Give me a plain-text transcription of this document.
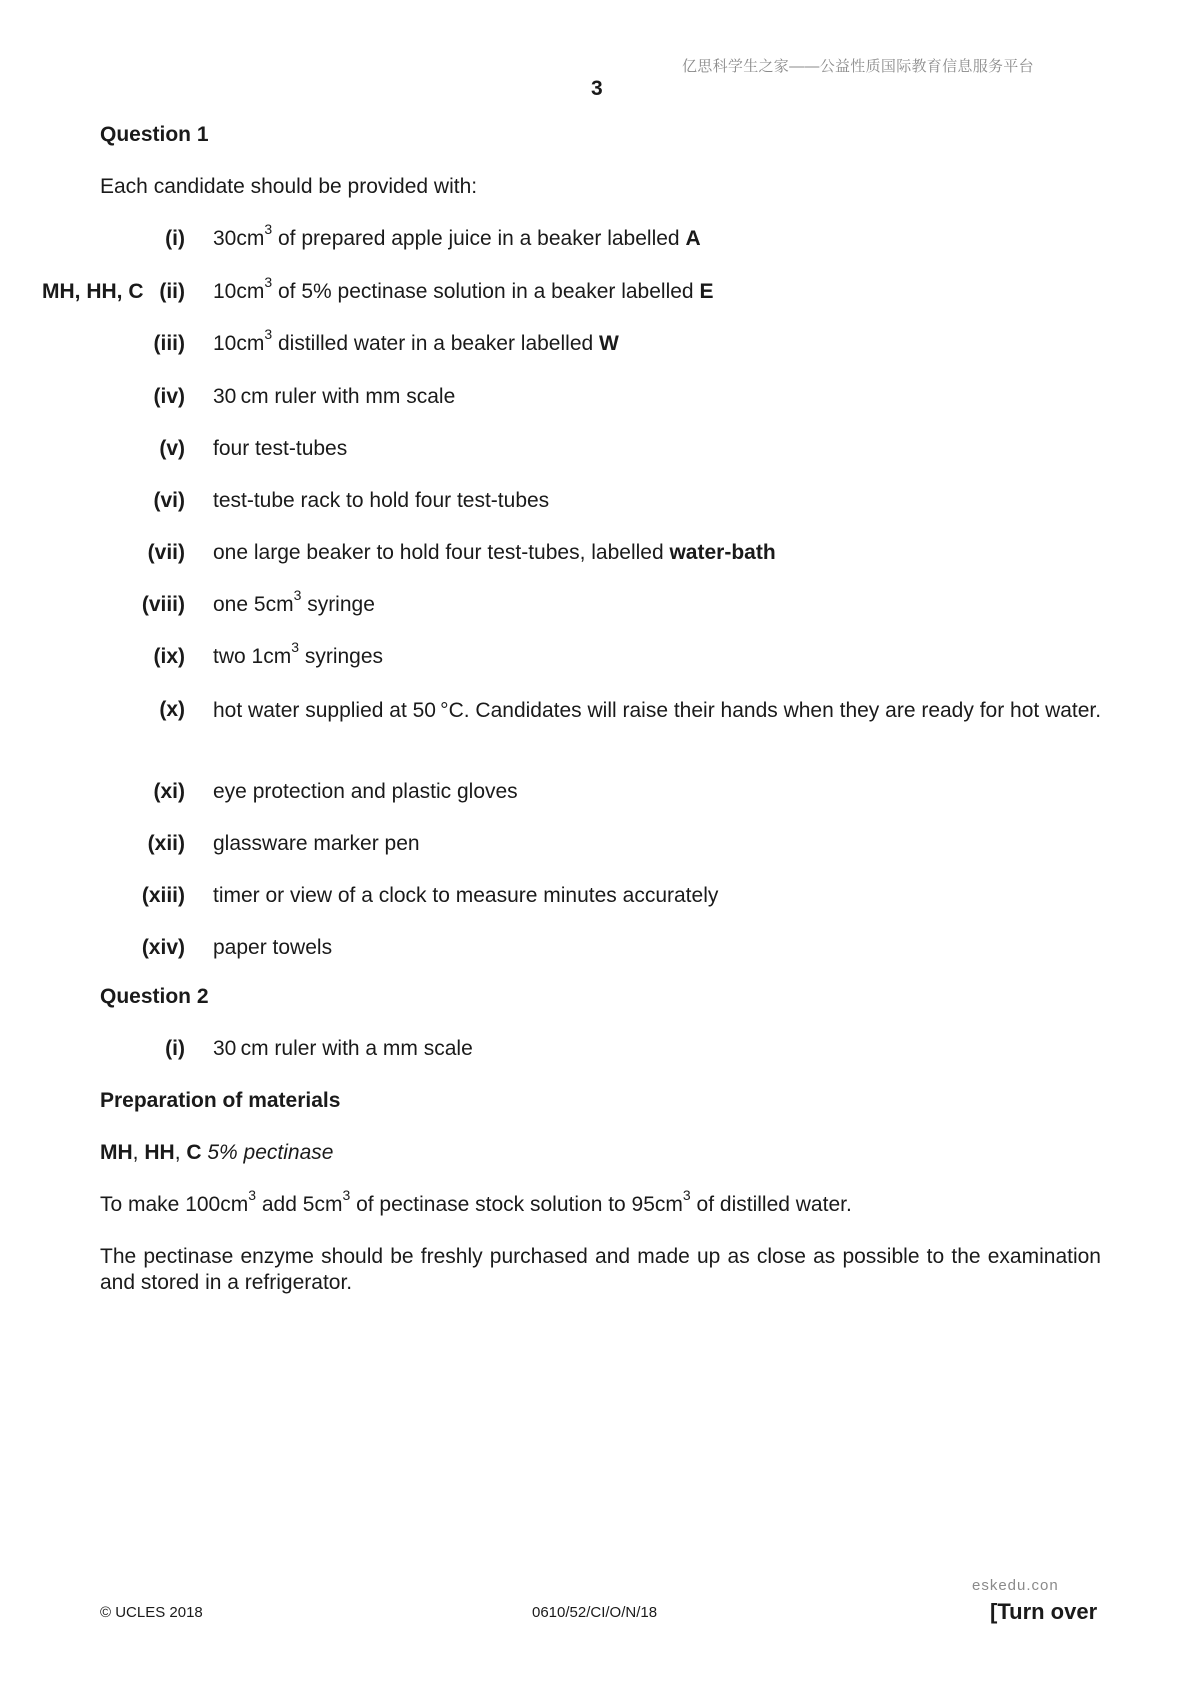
亿思科学生之家——公益性质国际教育信息服务平台
3
Question 1
Each candidate should be provided with:
MH, HH, C
(i) $30cm^3$ of prepared apple juice in a beaker labelled A
(ii) $10cm^3$ of 5% pectinase solution in a beaker labelled E
(iii) $10cm^3$ distilled water in a beaker labelled W
(iv) 30 cm ruler with mm scale
(v) four test-tubes
(vi) test-tube rack to hold four test-tubes
(vii) one large beaker to hold four test-tubes, labelled water-bath
(viii) one $5cm^3$ syringe
(ix) two $1cm^3$ syringes
(x) hot water supplied at 50 °C. Candidates will raise their hands when they are ready for hot water.
(xi) eye protection and plastic gloves
(xii) glassware marker pen
(xiii) timer or view of a clock to measure minutes accurately
(xiv) paper towels
Question 2
(i) 30 cm ruler with a mm scale
Preparation of materials
MH, HH, C 5% pectinase
To make $100cm^3$ add $5cm^3$ of pectinase stock solution to $95cm^3$ of distilled water.
The pectinase enzyme should be freshly purchased and made up as close as possible to the examination and stored in a refrigerator.
eskedu.con
© UCLES 2018	0610/52/CI/O/N/18	[Turn over
